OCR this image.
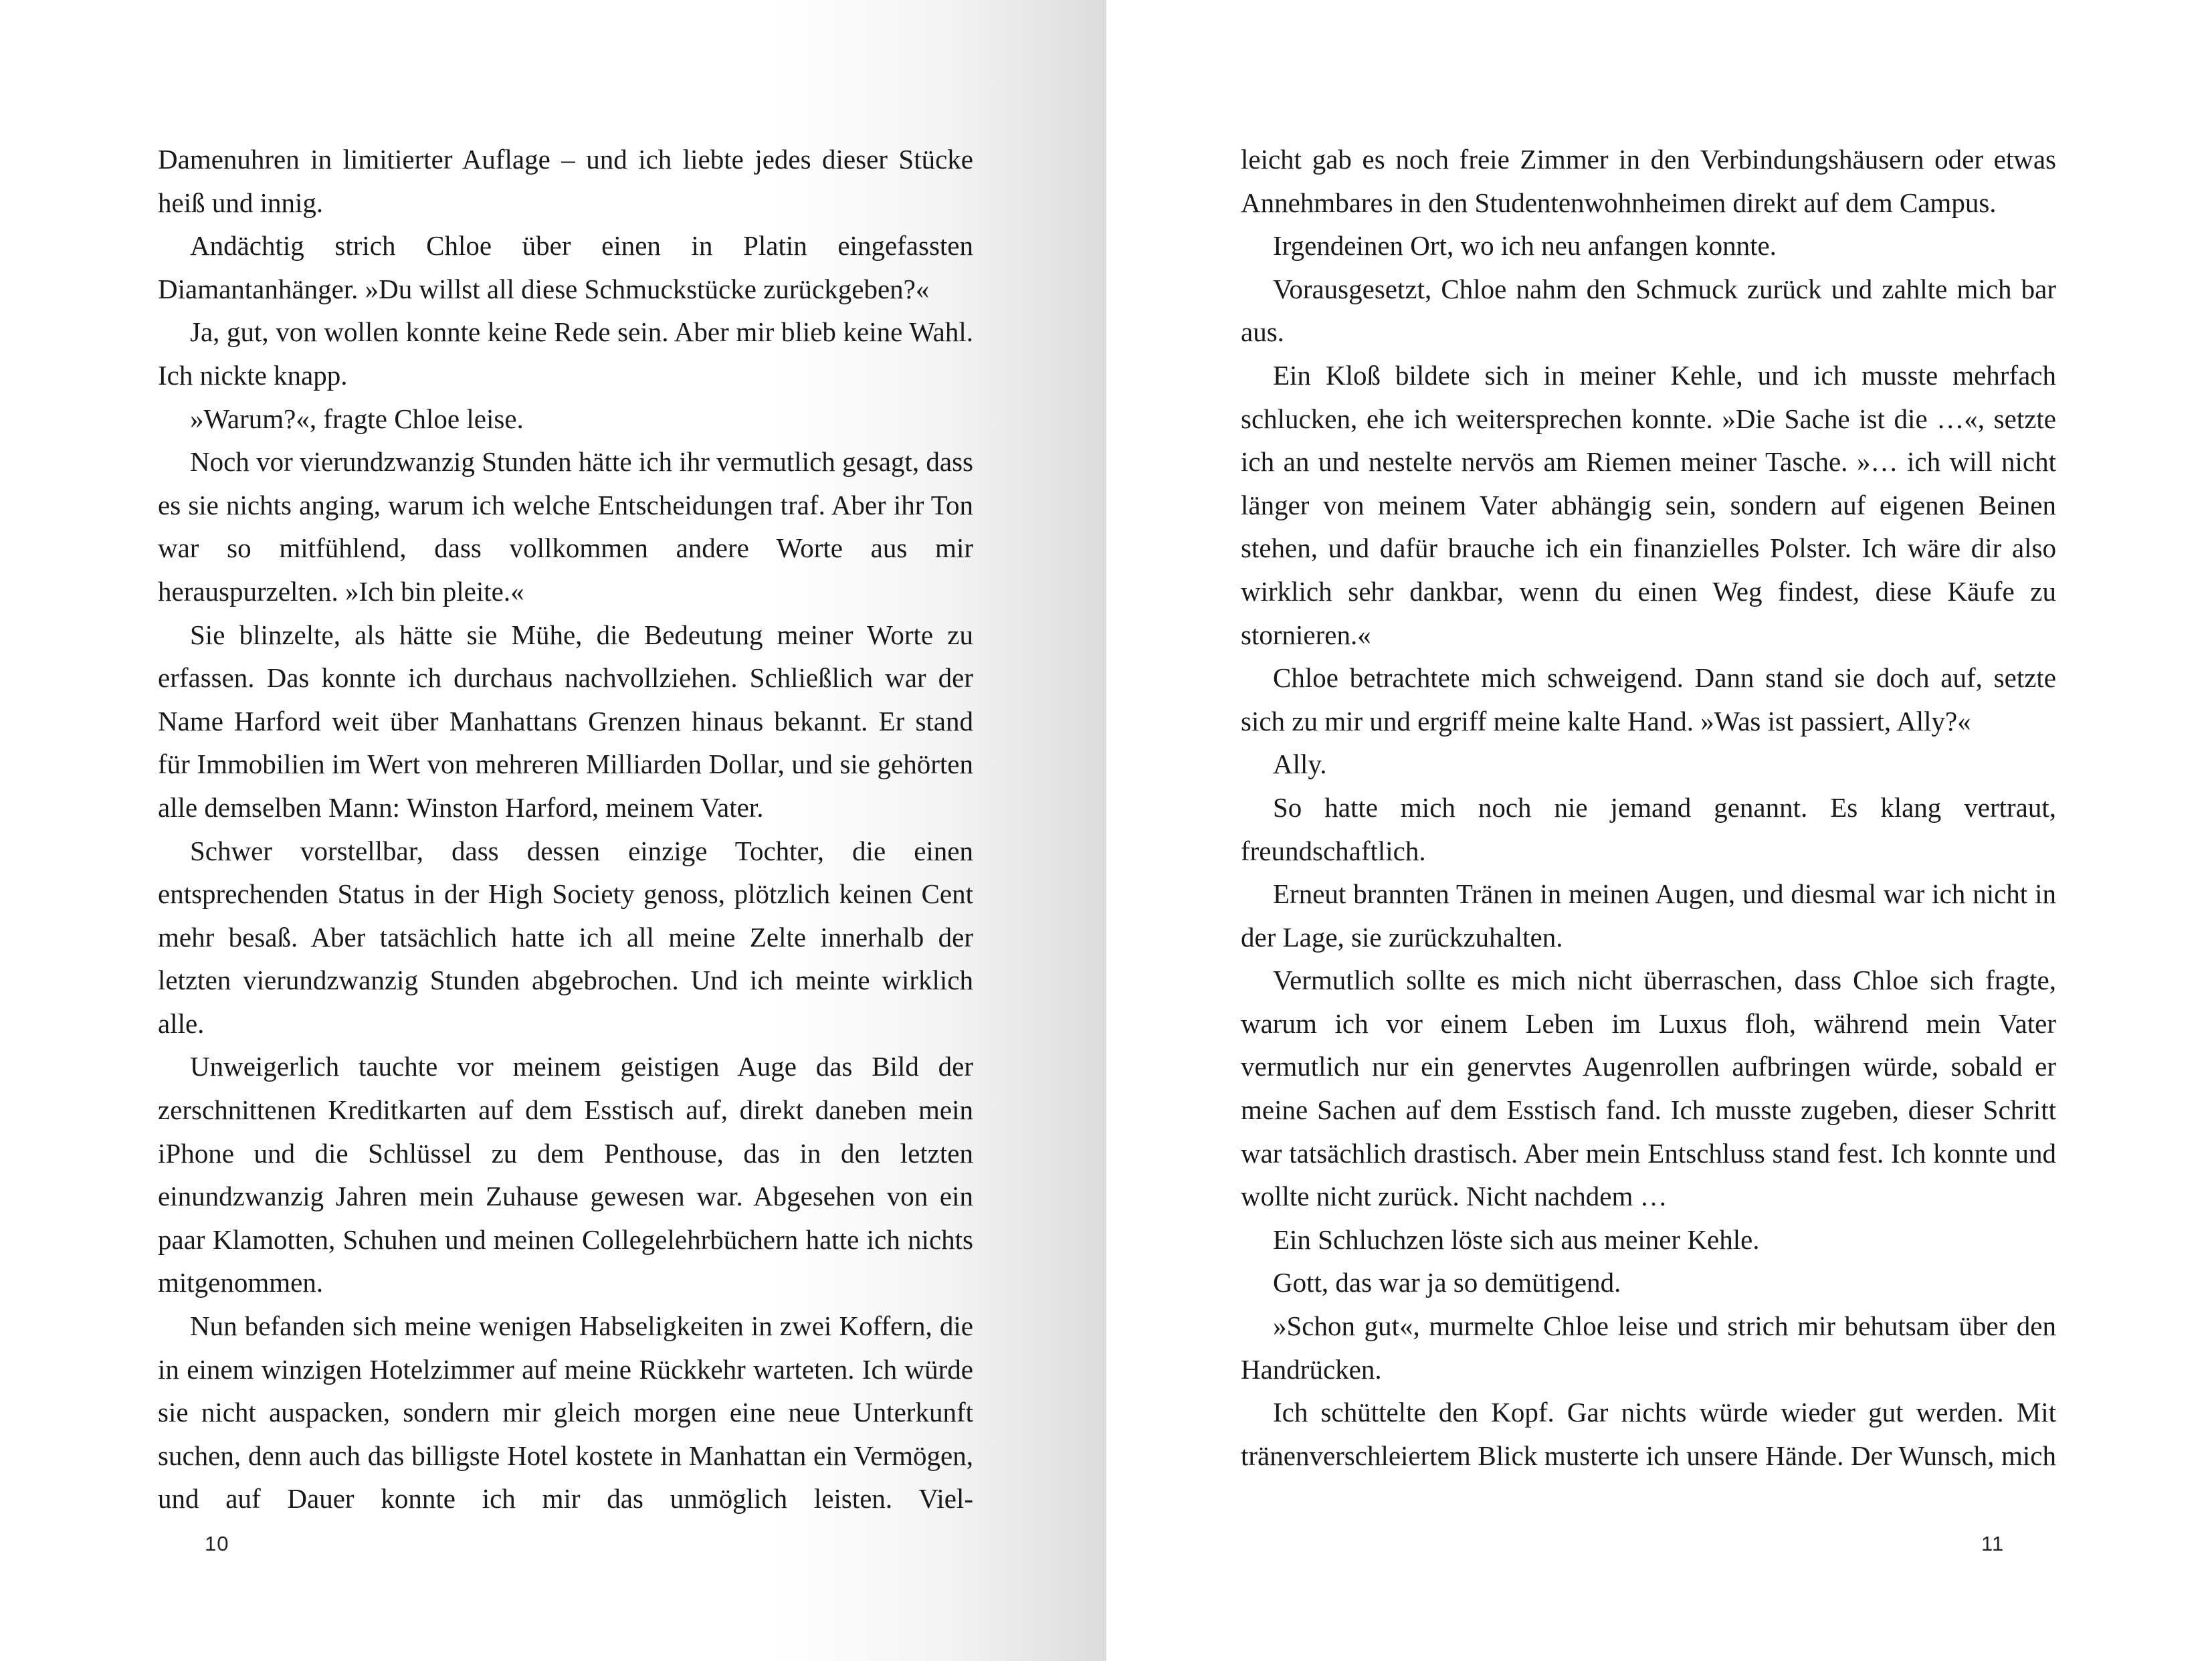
Damenuhren in limitierter Auflage – und ich liebte jedes dieser Stücke heiß und innig.

Andächtig strich Chloe über einen in Platin eingefassten Diamantanhänger. »Du willst all diese Schmuckstücke zurückgeben?«

Ja, gut, von wollen konnte keine Rede sein. Aber mir blieb keine Wahl. Ich nickte knapp.

»Warum?«, fragte Chloe leise.

Noch vor vierundzwanzig Stunden hätte ich ihr vermutlich gesagt, dass es sie nichts anging, warum ich welche Entscheidungen traf. Aber ihr Ton war so mitfühlend, dass vollkommen andere Worte aus mir herauspurzelten. »Ich bin pleite.«

Sie blinzelte, als hätte sie Mühe, die Bedeutung meiner Worte zu erfassen. Das konnte ich durchaus nachvollziehen. Schließlich war der Name Harford weit über Manhattans Grenzen hinaus bekannt. Er stand für Immobilien im Wert von mehreren Milliarden Dollar, und sie gehörten alle demselben Mann: Winston Harford, meinem Vater.

Schwer vorstellbar, dass dessen einzige Tochter, die einen entsprechenden Status in der High Society genoss, plötzlich keinen Cent mehr besaß. Aber tatsächlich hatte ich all meine Zelte innerhalb der letzten vierundzwanzig Stunden abgebrochen. Und ich meinte wirklich alle.

Unweigerlich tauchte vor meinem geistigen Auge das Bild der zerschnittenen Kreditkarten auf dem Esstisch auf, direkt daneben mein iPhone und die Schlüssel zu dem Penthouse, das in den letzten einundzwanzig Jahren mein Zuhause gewesen war. Abgesehen von ein paar Klamotten, Schuhen und meinen Collegelehrbüchern hatte ich nichts mitgenommen.

Nun befanden sich meine wenigen Habseligkeiten in zwei Koffern, die in einem winzigen Hotelzimmer auf meine Rückkehr warteten. Ich würde sie nicht auspacken, sondern mir gleich morgen eine neue Unterkunft suchen, denn auch das billigste Hotel kostete in Manhattan ein Vermögen, und auf Dauer konnte ich mir das unmöglich leisten. Viel-

10

leicht gab es noch freie Zimmer in den Verbindungshäusern oder etwas Annehmbares in den Studentenwohnheimen direkt auf dem Campus.

Irgendeinen Ort, wo ich neu anfangen konnte.

Vorausgesetzt, Chloe nahm den Schmuck zurück und zahlte mich bar aus.

Ein Kloß bildete sich in meiner Kehle, und ich musste mehrfach schlucken, ehe ich weitersprechen konnte. »Die Sache ist die …«, setzte ich an und nestelte nervös am Riemen meiner Tasche. »… ich will nicht länger von meinem Vater abhängig sein, sondern auf eigenen Beinen stehen, und dafür brauche ich ein finanzielles Polster. Ich wäre dir also wirklich sehr dankbar, wenn du einen Weg findest, diese Käufe zu stornieren.«

Chloe betrachtete mich schweigend. Dann stand sie doch auf, setzte sich zu mir und ergriff meine kalte Hand. »Was ist passiert, Ally?«

Ally.

So hatte mich noch nie jemand genannt. Es klang vertraut, freundschaftlich.

Erneut brannten Tränen in meinen Augen, und diesmal war ich nicht in der Lage, sie zurückzuhalten.

Vermutlich sollte es mich nicht überraschen, dass Chloe sich fragte, warum ich vor einem Leben im Luxus floh, während mein Vater vermutlich nur ein genervtes Augenrollen aufbringen würde, sobald er meine Sachen auf dem Esstisch fand. Ich musste zugeben, dieser Schritt war tatsächlich drastisch. Aber mein Entschluss stand fest. Ich konnte und wollte nicht zurück. Nicht nachdem …

Ein Schluchzen löste sich aus meiner Kehle.

Gott, das war ja so demütigend.

»Schon gut«, murmelte Chloe leise und strich mir behutsam über den Handrücken.

Ich schüttelte den Kopf. Gar nichts würde wieder gut werden. Mit tränenverschleiertem Blick musterte ich unsere Hände. Der Wunsch, mich

11
